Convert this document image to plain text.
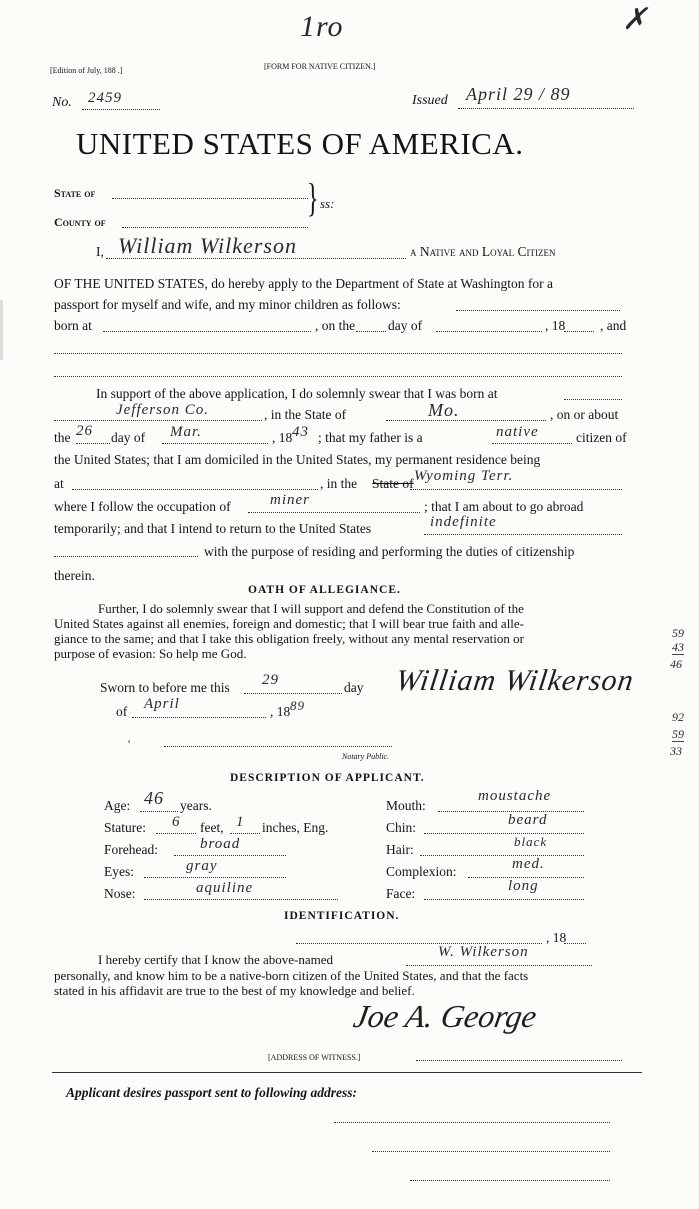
1ro	✗
[Edition of July, 188 .]	[FORM FOR NATIVE CITIZEN.]
No. 2459	Issued April 29 / 89
UNITED STATES OF AMERICA.
State of
County of
} ss:
I, William Wilkerson	a Native and Loyal Citizen
OF THE UNITED STATES, do hereby apply to the Department of State at Washington for a
passport for myself and wife, and my minor children as follows:
born at	, on the day of	, 18	, and
In support of the above application, I do solemnly swear that I was born at
Jefferson Co.	, in the State of	Mo.	, on or about
the 26 day of Mar.	, 18 43 ; that my father is a	native	citizen of
the United States; that I am domiciled in the United States, my permanent residence being
at	, in the State of Wyoming Terr.
where I follow the occupation of	miner	; that I am about to go abroad
temporarily; and that I intend to return to the United States	indefinite
with the purpose of residing and performing the duties of citizenship
therein.
OATH OF ALLEGIANCE.
Further, I do solemnly swear that I will support and defend the Constitution of the
United States against all enemies, foreign and domestic; that I will bear true faith and alle-
giance to the same; and that I take this obligation freely, without any mental reservation or
purpose of evasion: So help me God.
59
43
46
Sworn to before me this 29	day
of April	, 18 89
William Wilkerson
92
59
33
'
Notary Public.
DESCRIPTION OF APPLICANT.
Age: 46 years.
Stature: 6 feet, 1 inches, Eng.
Forehead:	broad
Eyes:	gray
Nose:	aquiline
Mouth:
moustache
Chin:	beard
Hair:
black
Complexion:	med.
Face:	long
IDENTIFICATION.
, 18
I hereby certify that I know the above-named	W. Wilkerson
personally, and know him to be a native-born citizen of the United States, and that the facts
stated in his affidavit are true to the best of my knowledge and belief.
Joe A. George
[ADDRESS OF WITNESS.]
Applicant desires passport sent to following address:
